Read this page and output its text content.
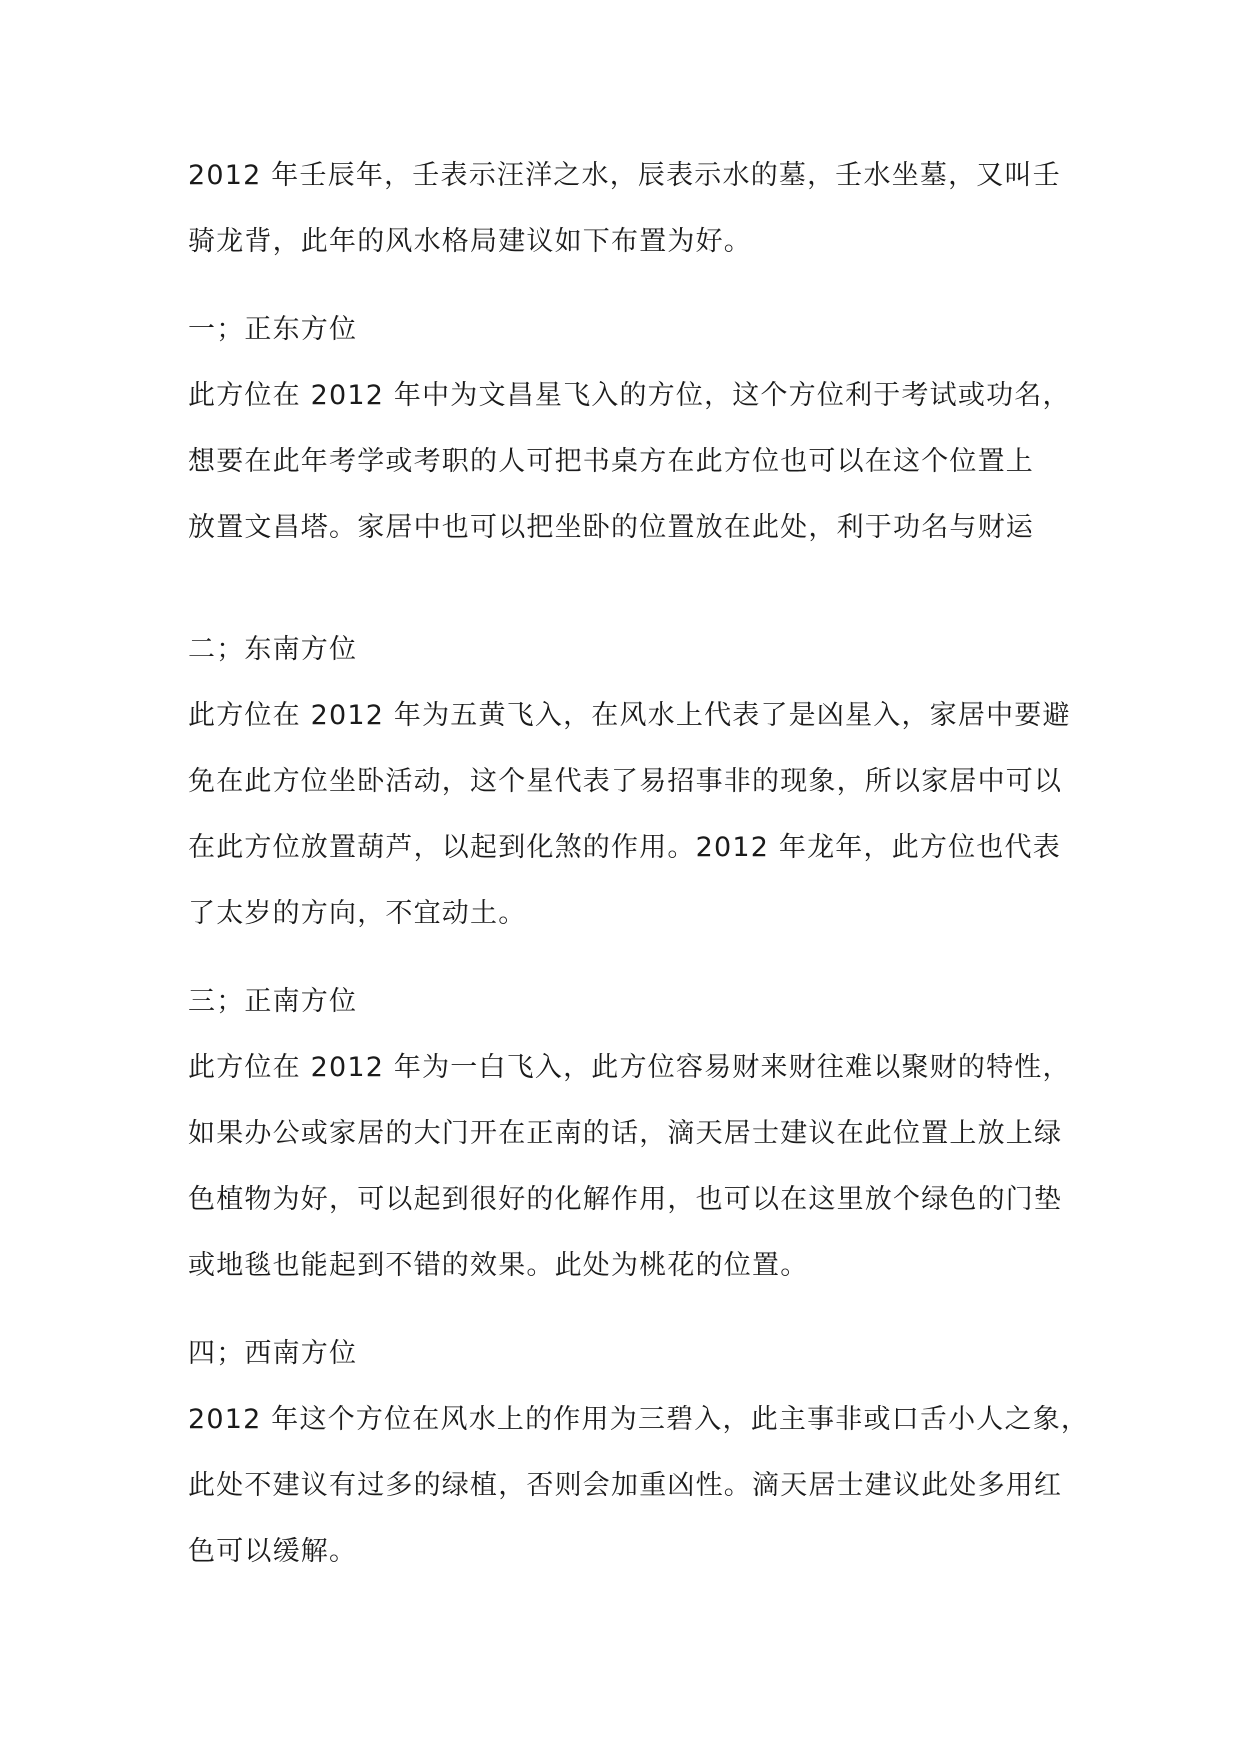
2012 年壬辰年，壬表示汪洋之水，辰表示水的墓，壬水坐墓，又叫壬
骑龙背，此年的风水格局建议如下布置为好。
一；正东方位
此方位在 2012 年中为文昌星飞入的方位，这个方位利于考试或功名，
想要在此年考学或考职的人可把书桌方在此方位也可以在这个位置上
放置文昌塔。家居中也可以把坐卧的位置放在此处，利于功名与财运
二；东南方位
此方位在 2012 年为五黄飞入，在风水上代表了是凶星入，家居中要避
免在此方位坐卧活动，这个星代表了易招事非的现象，所以家居中可以
在此方位放置葫芦，以起到化煞的作用。2012 年龙年，此方位也代表
了太岁的方向，不宜动土。
三；正南方位
此方位在 2012 年为一白飞入，此方位容易财来财往难以聚财的特性，
如果办公或家居的大门开在正南的话，滴天居士建议在此位置上放上绿
色植物为好，可以起到很好的化解作用，也可以在这里放个绿色的门垫
或地毯也能起到不错的效果。此处为桃花的位置。
四；西南方位
2012 年这个方位在风水上的作用为三碧入，此主事非或口舌小人之象，
此处不建议有过多的绿植，否则会加重凶性。滴天居士建议此处多用红
色可以缓解。
